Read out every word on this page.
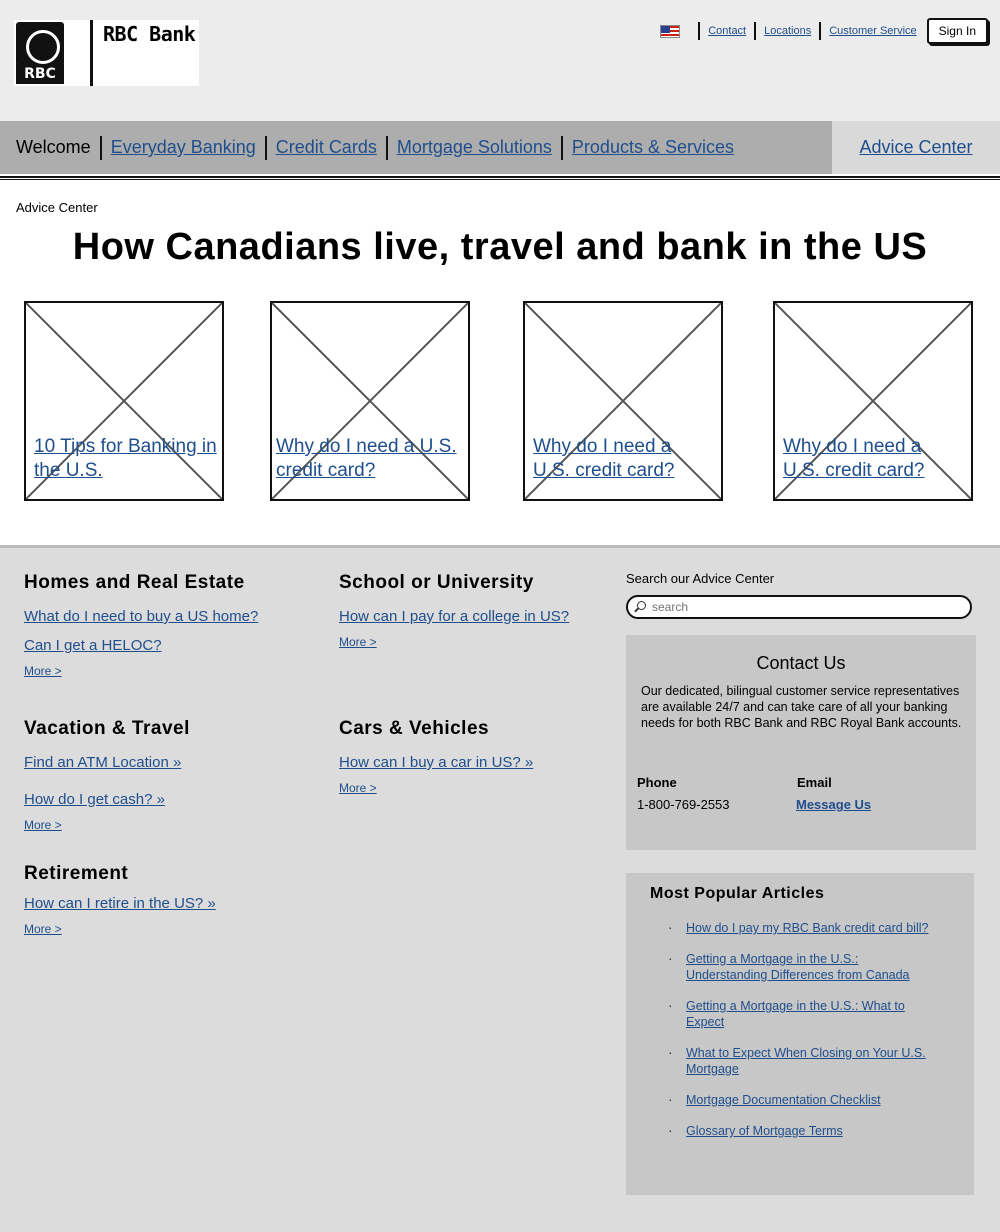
RBC
RBC Bank	Contact Locations Customer Service	Sign In
Welcome Everyday Banking Credit Cards Mortgage Solutions Products & Services	Advice Center
Advice Center
How Canadians live, travel and bank in the US
10 Tips for Banking in the U.S.
Why do I need a U.S. credit card?
Why do I need a U.S. credit card?
Why do I need a U.S. credit card?
Homes and Real Estate
What do I need to buy a US home?
Can I get a HELOC?
More >
School or University
How can I pay for a college in US?
More >
Vacation & Travel
Find an ATM Location »
How do I get cash? »
More >
Cars & Vehicles
How can I buy a car in US? »
More >
Retirement
How can I retire in the US? »
More >
Search our Advice Center
search
Contact Us
Our dedicated, bilingual customer service representatives are available 24/7 and can take care of all your banking needs for both RBC Bank and RBC Royal Bank accounts.
Phone	Email
1-800-769-2553	Message Us
Most Popular Articles
· How do I pay my RBC Bank credit card bill?
· Getting a Mortgage in the U.S.: Understanding Differences from Canada
· Getting a Mortgage in the U.S.: What to Expect
· What to Expect When Closing on Your U.S. Mortgage
· Mortgage Documentation Checklist
· Glossary of Mortgage Terms
